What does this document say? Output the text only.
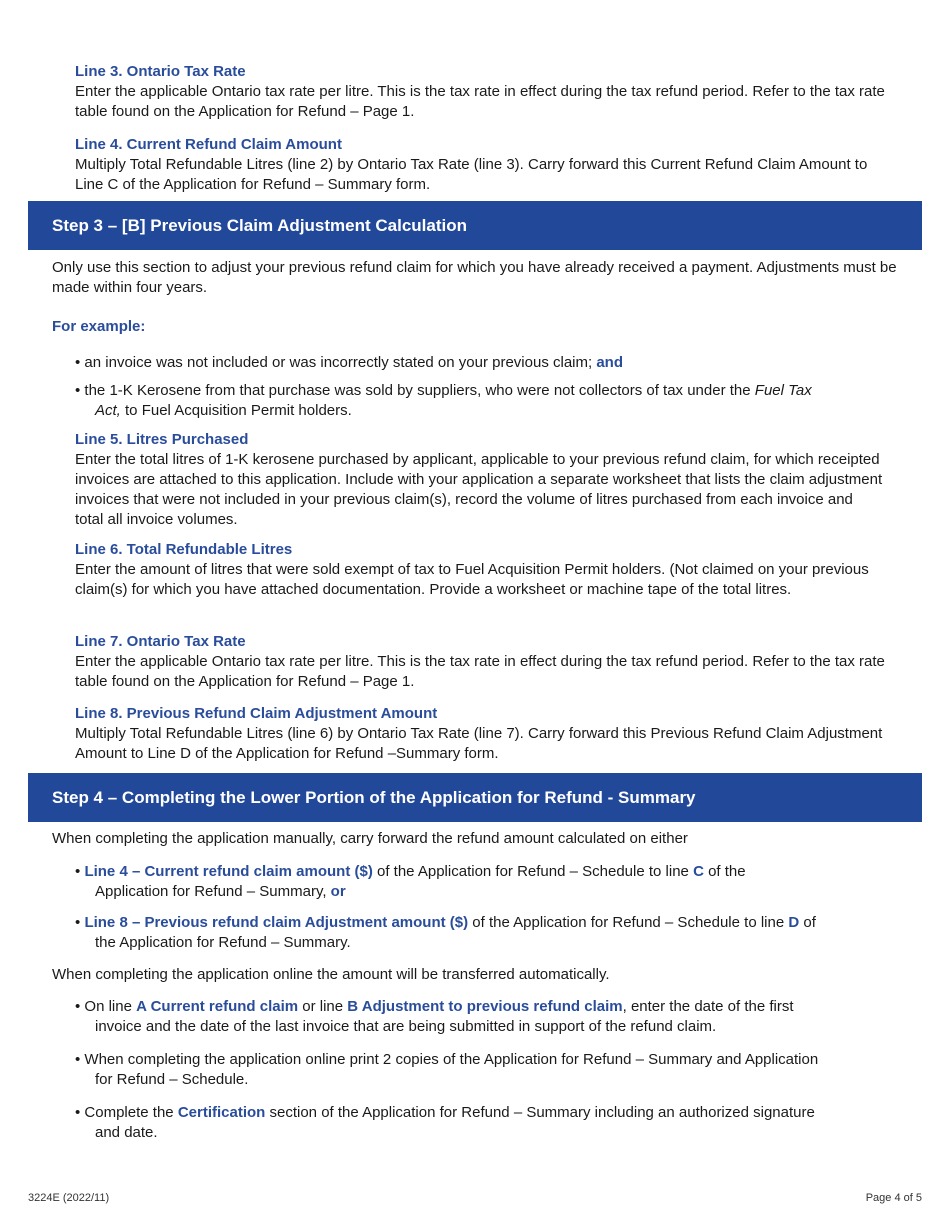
Line 3. Ontario Tax Rate

Enter the applicable Ontario tax rate per litre. This is the tax rate in effect during the tax refund period. Refer to the tax rate table found on the Application for Refund – Page 1.

Line 4. Current Refund Claim Amount

Multiply Total Refundable Litres (line 2) by Ontario Tax Rate (line 3). Carry forward this Current Refund Claim Amount to Line C of the Application for Refund – Summary form.

Step 3 – [B] Previous Claim Adjustment Calculation
Only use this section to adjust your previous refund claim for which you have already received a payment. Adjustments must be made within four years.
For example:
• an invoice was not included or was incorrectly stated on your previous claim; and
• the 1-K Kerosene from that purchase was sold by suppliers, who were not collectors of tax under the Fuel Tax
Act, to Fuel Acquisition Permit holders.
Line 5. Litres Purchased

Enter the total litres of 1-K kerosene purchased by applicant, applicable to your previous refund claim, for which receipted invoices are attached to this application. Include with your application a separate worksheet that lists the claim adjustment invoices that were not included in your previous claim(s), record the volume of litres purchased from each invoice and total all invoice volumes.

Line 6. Total Refundable Litres

Enter the amount of litres that were sold exempt of tax to Fuel Acquisition Permit holders. (Not claimed on your previous claim(s) for which you have attached documentation. Provide a worksheet or machine tape of the total litres.

Line 7. Ontario Tax Rate

Enter the applicable Ontario tax rate per litre. This is the tax rate in effect during the tax refund period. Refer to the tax rate table found on the Application for Refund – Page 1.

Line 8. Previous Refund Claim Adjustment Amount

Multiply Total Refundable Litres (line 6) by Ontario Tax Rate (line 7). Carry forward this Previous Refund Claim Adjustment Amount to Line D of the Application for Refund –Summary form.

Step 4 – Completing the Lower Portion of the Application for Refund - Summary
When completing the application manually, carry forward the refund amount calculated on either
• Line 4 – Current refund claim amount ($) of the Application for Refund – Schedule to line C of the
Application for Refund – Summary, or
• Line 8 – Previous refund claim Adjustment amount ($) of the Application for Refund – Schedule to line D of
the Application for Refund – Summary.
When completing the application online the amount will be transferred automatically.
• On line A Current refund claim or line B Adjustment to previous refund claim, enter the date of the first
invoice and the date of the last invoice that are being submitted in support of the refund claim.
• When completing the application online print 2 copies of the Application for Refund – Summary and Application
for Refund – Schedule.
• Complete the Certification section of the Application for Refund – Summary including an authorized signature
and date.
3224E (2022/11)	Page 4 of 5
